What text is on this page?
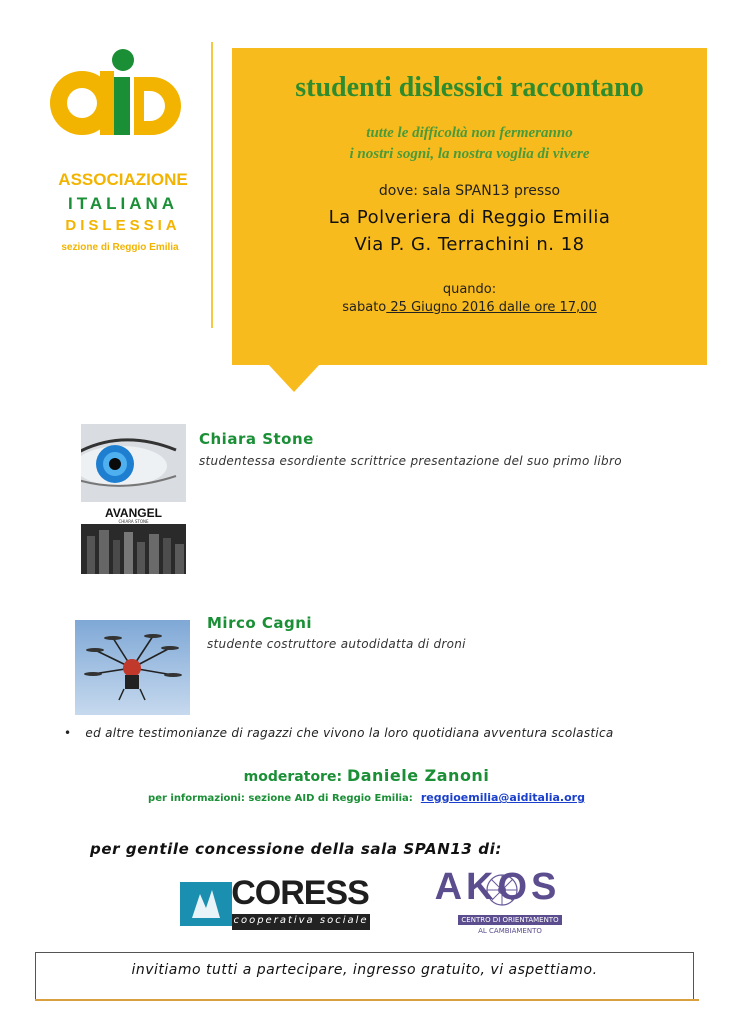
ASSOCIAZIONE
ITALIANA
DISLESSIA
sezione di Reggio Emilia
studenti dislessici raccontano
tutte le difficoltà non fermeranno
i nostri sogni, la nostra voglia di vivere
dove: sala SPAN13 presso
La Polveriera di Reggio Emilia
Via P. G. Terrachini n. 18
quando:
sabato 25 Giugno 2016 dalle ore 17,00
AVANGEL
CHIARA STONE
Chiara Stone
studentessa esordiente scrittrice presentazione del suo primo libro
Mirco Cagni
studente costruttore autodidatta di droni
• ed altre testimonianze di ragazzi che vivono la loro quotidiana avventura scolastica
moderatore: Daniele Zanoni
per informazioni: sezione AID di Reggio Emilia: reggioemilia@aiditalia.org
per gentile concessione della sala SPAN13 di:
CORESS
cooperativa sociale
AKOS
CENTRO DI ORIENTAMENTO
AL CAMBIAMENTO
invitiamo tutti a partecipare, ingresso gratuito, vi aspettiamo.
